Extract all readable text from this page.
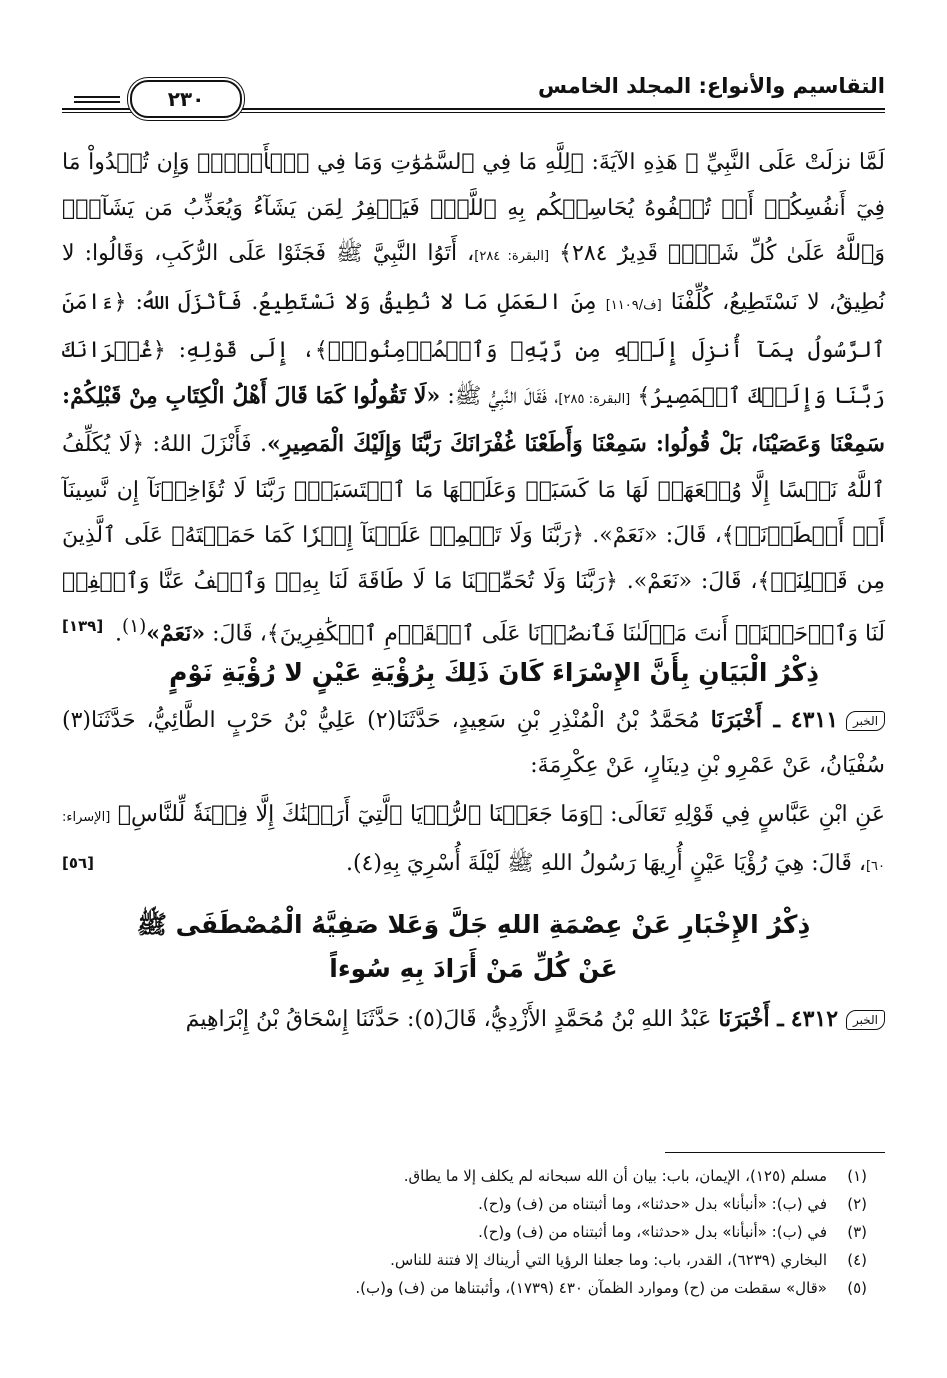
التقاسيم والأنواع: المجلد الخامس
٢٣٠

لَمَّا نزلَتْ عَلَى النَّبِيِّ ﷺ هَذِهِ الآيَةَ: ﴿لِلَّهِ مَا فِي ٱلسَّمَٰوَٰتِ وَمَا فِي ٱلۡأَرۡضِۗ وَإِن تُبۡدُواْ مَا فِيٓ أَنفُسِكُمۡ أَوۡ تُخۡفُوهُ يُحَاسِبۡكُم بِهِ ٱللَّهُۖ فَيَغۡفِرُ لِمَن يَشَآءُ وَيُعَذِّبُ مَن يَشَآءُۗ وَٱللَّهُ عَلَىٰ كُلِّ شَيۡءٖ قَدِيرٌ ٢٨٤﴾ [البقرة: ٢٨٤]، أَتَوُا النَّبِيَّ ﷺ فَجَثَوْا عَلَى الرُّكَبِ، وَقَالُوا: لا نُطِيقُ، لا نَسْتَطِيعُ، كُلِّفْنَا [ف/١١٠٩] مِنَ العَمَلِ مَا لا نُطِيقُ وَلا نَسْتَطِيعُ. فَأَنْزَلَ اللهُ: ﴿ءَامَنَ ٱلرَّسُولُ بِمَآ أُنزِلَ إِلَيۡهِ مِن رَّبِّهِۦ وَٱلۡمُؤۡمِنُونَۚ﴾، إِلَى قَوْلِهِ: ﴿غُفۡرَانَكَ رَبَّنَا وَإِلَيۡكَ ٱلۡمَصِيرُ﴾ [البقرة: ٢٨٥]، فَقَالَ النَّبِيُّ ﷺ: «لَا تَقُولُوا كَمَا قَالَ أَهْلُ الْكِتَابِ مِنْ قَبْلِكُمْ: سَمِعْنَا وَعَصَيْنَا، بَلْ قُولُوا: سَمِعْنَا وَأَطَعْنَا غُفْرَانَكَ رَبَّنَا وَإِلَيْكَ الْمَصِيرِ». فَأَنْزَلَ اللهُ: ﴿لَا يُكَلِّفُ ٱللَّهُ نَفۡسًا إِلَّا وُسۡعَهَاۚ لَهَا مَا كَسَبَتۡ وَعَلَيۡهَا مَا ٱكۡتَسَبَتۡۗ رَبَّنَا لَا تُؤَاخِذۡنَآ إِن نَّسِينَآ أَوۡ أَخۡطَأۡنَاۚ﴾، قَالَ: «نَعَمْ». ﴿رَبَّنَا وَلَا تَحۡمِلۡ عَلَيۡنَآ إِصۡرٗا كَمَا حَمَلۡتَهُۥ عَلَى ٱلَّذِينَ مِن قَبۡلِنَاۚ﴾، قَالَ: «نَعَمْ». ﴿رَبَّنَا وَلَا تُحَمِّلۡنَا مَا لَا طَاقَةَ لَنَا بِهِۦۖ وَٱعۡفُ عَنَّا وَٱغۡفِرۡ لَنَا وَٱرۡحَمۡنَآۚ أَنتَ مَوۡلَىٰنَا فَٱنصُرۡنَا عَلَى ٱلۡقَوۡمِ ٱلۡكَٰفِرِينَ﴾، قَالَ: «نَعَمْ»$^{(١)}$.
[١٣٩]

ذِكْرُ الْبَيَانِ بِأَنَّ الإِسْرَاءَ كَانَ ذَلِكَ بِرُؤْيَةِ عَيْنٍ لا رُؤْيَةِ نَوْمٍ

الخبر٤٣١١ ـ أَخْبَرَنَا مُحَمَّدُ بْنُ الْمُنْذِرِ بْنِ سَعِيدٍ، حَدَّثَنَا(٢) عَلِيُّ بْنُ حَرْبٍ الطَّائِيُّ، حَدَّثَنَا(٣) سُفْيَانُ، عَنْ عَمْرِو بْنِ دِينَارٍ، عَنْ عِكْرِمَةَ:

عَنِ ابْنِ عَبَّاسٍ فِي قَوْلِهِ تَعَالَى: ﴿وَمَا جَعَلۡنَا ٱلرُّءۡيَا ٱلَّتِيٓ أَرَيۡنَٰكَ إِلَّا فِتۡنَةٗ لِّلنَّاسِ﴾ [الإسراء: ٦٠]، قَالَ: هِيَ رُؤْيَا عَيْنٍ أُرِيهَا رَسُولُ اللهِ ﷺ لَيْلَةَ أُسْرِيَ بِهِ(٤).
[٥٦]

ذِكْرُ الإِخْبَارِ عَنْ عِصْمَةِ اللهِ جَلَّ وَعَلا صَفِيَّهُ الْمُصْطَفَى ﷺ
عَنْ كُلِّ مَنْ أَرَادَ بِهِ سُوءاً

الخبر٤٣١٢ ـ أَخْبَرَنَا عَبْدُ اللهِ بْنُ مُحَمَّدٍ الأَزْدِيُّ، قَالَ(٥): حَدَّثَنَا إِسْحَاقُ بْنُ إِبْرَاهِيمَ

(١)مسلم (١٢٥)، الإيمان، باب: بيان أن الله سبحانه لم يكلف إلا ما يطاق.
(٢)في (ب): «أنبأنا» بدل «حدثنا»، وما أثبتناه من (ف) و(ح).
(٣)في (ب): «أنبأنا» بدل «حدثنا»، وما أثبتناه من (ف) و(ح).
(٤)البخاري (٦٢٣٩)، القدر، باب: وما جعلنا الرؤيا التي أريناك إلا فتنة للناس.
(٥)«قال» سقطت من (ح) وموارد الظمآن ٤٣٠ (١٧٣٩)، وأثبتناها من (ف) و(ب).
